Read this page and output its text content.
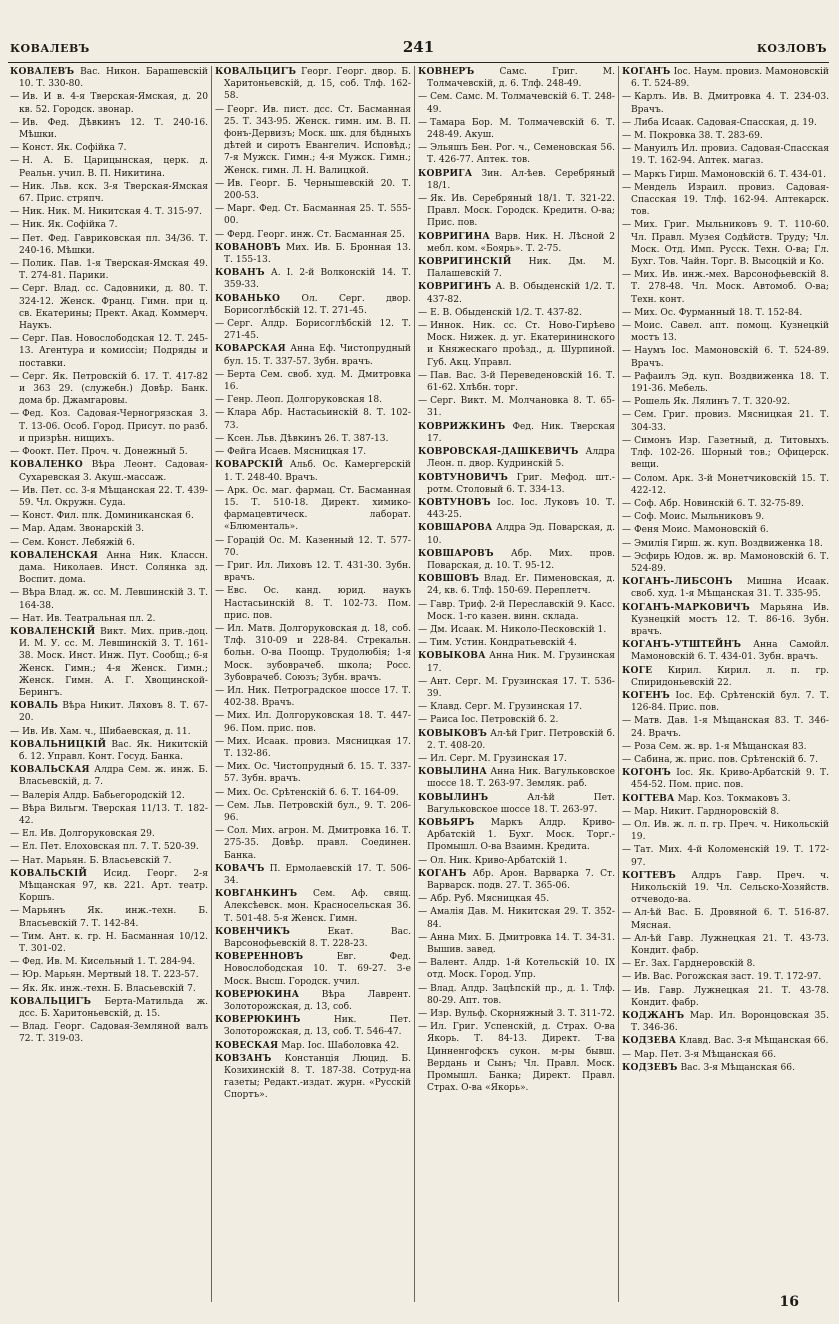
КОВАЛЕВЪ	241	КОЗЛОВЪ
КОВАЛЕВЪ Вас. Никон. Барашевскiй 10. Т. 330-80.
— Ив. И в. 4-я Тверская-Ямская, д. 20 кв. 52. Городск. звонар.
— Ив. Фед. Дѣвкинъ 12. Т. 240-16. Мѣшки.
— Конст. Як. Софiйка 7.
— Н. А. Б. Царицынская, церк. д. Реальн. учил. В. П. Никитина.
— Ник. Льв. кск. 3-я Тверская-Ямская 67. Прис. стряпч.
— Ник. Ник. М. Никитская 4. Т. 315-97.
— Ник. Як. Софiйка 7.
— Пет. Фед. Гавриковская пл. 34/36. Т. 240-16. Мѣшки.
— Полик. Пав. 1-я Тверская-Ямская 49. Т. 274-81. Парики.
— Серг. Влад. сс. Садовники, д. 80. Т. 324-12. Женск. Франц. Гимн. при ц. св. Екатерины; Прект. Акад. Коммерч. Наукъ.
— Серг. Пав. Новослободская 12. Т. 245-13. Агентура и комиссiи; Подряды и поставки.
— Серг. Як. Петровскiй б. 17. Т. 417-82 и 363 29. (служебн.) Довѣр. Банк. дома бр. Джамгаровы.
— Фед. Коз. Садовая-Черногрязская 3. Т. 13-06. Особ. Город. Присут. по разб. и призрѣн. нищихъ.
— Фоокт. Пет. Проч. ч. Донежный 5.
КОВАЛЕНКО Вѣра Леонт. Садовая-Сухаревская 3. Акуш.-массаж.
— Ив. Пет. сс. 3-я Мѣщанская 22. Т. 439-59. Чл. Окружн. Суда.
— Конст. Фил. плк. Доминиканская 6.
— Мар. Адам. Звонарскiй 3.
— Сем. Конст. Лебяжiй 6.
КОВАЛЕНСКАЯ Анна Ник. Классн. дама. Николаев. Инст. Солянка зд. Воспит. дома.
— Вѣра Влад. ж. сс. М. Левшинскiй 3. Т. 164-38.
— Нат. Ив. Театральная пл. 2.
КОВАЛЕНСКIЙ Викт. Мих. прив.-доц. И. М. У. сс. М. Левшинскiй 3. Т. 161-38. Моск. Инст. Инж. Пут. Сообщ.; 6-я Женск. Гимн.; 4-я Женск. Гимн.; Женск. Гимн. А. Г. Хвощинской-Берингъ.
КОВАЛЬ Вѣра Никит. Ляховъ 8. Т. 67-20.
— Ив. Ив. Хам. ч., Шибаевская, д. 11.
КОВАЛЬНИЦКIЙ Вас. Як. Никитскiй б. 12. Управл. Конт. Госуд. Банка.
КОВАЛЬСКАЯ Алдра Сем. ж. инж. Б. Власьевскiй, д. 7.
— Валерiя Алдр. Бабьегородскiй 12.
— Вѣра Вильгм. Тверская 11/13. Т. 182-42.
— Ел. Ив. Долгоруковская 29.
— Ел. Пет. Елоховская пл. 7. Т. 520-39.
— Нат. Марьян. Б. Власьевскiй 7.
КОВАЛЬСКIЙ Исид. Георг. 2-я Мѣщанская 97, кв. 221. Арт. театр. Коршъ.
— Марьянъ Як. инж.-техн. Б. Власьевскiй 7. Т. 142-84.
— Тим. Ант. к. гр. Н. Басманная 10/12. Т. 301-02.
— Фед. Ив. М. Кисельный 1. Т. 284-94.
— Юр. Марьян. Мертвый 18. Т. 223-57.
— Як. Як. инж.-техн. Б. Власьевскiй 7.
КОВАЛЬЦИГЪ Берта-Матильда ж. дсс. Б. Харитоньевскiй, д. 15.
— Влад. Георг. Садовая-Земляной валъ 72. Т. 319-03.
КОВАЛЬЦИГЪ Георг. Георг. двор. Б. Харитоньевскiй, д. 15, соб. Тлф. 162-58.
— Георг. Ив. пист. дсс. Ст. Басманная 25. Т. 343-95. Женск. гимн. им. В. П. фонъ-Дервизъ; Моск. шк. для бѣдныхъ дѣтей и сиротъ Евангелич. Исповѣд.; 7-я Мужск. Гимн.; 4-я Мужск. Гимн.; Женск. гимн. Л. Н. Валицкой.
— Ив. Георг. Б. Чернышевскiй 20. Т. 200-53.
— Марг. Фед. Ст. Басманная 25. Т. 555-00.
— Ферд. Георг. инж. Ст. Басманная 25.
КОВАНОВЪ Мих. Ив. Б. Бронная 13. Т. 155-13.
КОВАНЪ А. I. 2-й Волконскiй 14. Т. 359-33.
КОВАНЬКО Ол. Серг. двор. Борисоглѣбскiй 12. Т. 271-45.
— Серг. Алдр. Борисоглѣбскiй 12. Т. 271-45.
КОВАРСКАЯ Анна Еф. Чистопрудный бул. 15. Т. 337-57. Зубн. врачъ.
— Берта Сем. своб. худ. М. Дмитровка 16.
— Генр. Леоп. Долгоруковская 18.
— Клара Абр. Настасьинскiй 8. Т. 102-73.
— Ксен. Льв. Дѣвкинъ 26. Т. 387-13.
— Фейга Исаев. Мясницкая 17.
КОВАРСКIЙ Альб. Ос. Камергерскiй 1. Т. 248-40. Врачъ.
— Арк. Ос. маг. фармац. Ст. Басманная 15. Т. 510-18. Директ. химико-фармацевтическ. лаборат. «Блюменталь».
— Горацiй Ос. М. Казенный 12. Т. 577-70.
— Григ. Ил. Лиховъ 12. Т. 431-30. Зубн. врачъ.
— Евс. Ос. канд. юрид. наукъ Настасьинскiй 8. Т. 102-73. Пом. прис. пов.
— Ил. Матв. Долгоруковская д. 18, соб. Тлф. 310-09 и 228-84. Стрекальн. больн. О-ва Поощр. Трудолюбiя; 1-я Моск. зубоврачеб. школа; Росс. Зубоврачеб. Союзъ; Зубн. врачъ.
— Ил. Ник. Петроградское шоссе 17. Т. 402-38. Врачъ.
— Мих. Ил. Долгоруковская 18. Т. 447-96. Пом. прис. пов.
— Мих. Исаак. провиз. Мясницкая 17. Т. 132-86.
— Мих. Ос. Чистопрудный б. 15. Т. 337-57. Зубн. врачъ.
— Мих. Ос. Срѣтенскiй б. 6. Т. 164-09.
— Сем. Льв. Петровскiй бул., 9. Т. 206-96.
— Сол. Мих. агрон. М. Дмитровка 16. Т. 275-35. Довѣр. правл. Соединен. Банка.
КОВАЧЪ П. Ермолаевскiй 17. Т. 506-34.
КОВГАНКИНЪ Сем. Аф. свящ. Алексѣевск. мон. Красносельская 36. Т. 501-48. 5-я Женск. Гимн.
КОВЕНЧИКЪ	Екат. Вас. Варсонофьевскiй 8. Т. 228-23.
КОВЕРЕННОВЪ	Евг. Фед. Новослободская 10. Т. 69-27. 3-е Моск. Высш. Городск. учил.
КОВЕРЮКИНА Вѣра Лаврент. Золоторожская, д. 13, соб.
КОВЕРЮКИНЪ	Ник. Пет. Золоторожская, д. 13, соб. Т. 546-47.
КОВЕСКАЯ Мар. Iос. Шаболовка 42.
КОВЗАНЪ Констанцiя Люцид. Б. Козихинскiй 8. Т. 187-38. Сотруд-на газеты; Редакт.-издат. журн. «Русскiй Спортъ».
КОВНЕРЪ	Самс. Григ. М. Толмачевскiй, д. 6. Тлф. 248-49.
— Сем. Самс. М. Толмачевскiй 6. Т. 248-49.
— Тамара Бор. М. Толмачевскiй 6. Т. 248-49. Акуш.
— Эльяшъ Бен. Рог. ч., Семеновская 56. Т. 426-77. Аптек. тов.
КОВРИГА Зин. Ал-ѣев. Серебряный 18/1.
— Як. Ив. Серебряный 18/1. Т. 321-22. Правл. Моск. Городск. Кредитн. О-ва; Прис. пов.
КОВРИГИНА Варв. Ник. Н. Лѣсной 2 мебл. ком. «Боярь». Т. 2-75.
КОВРИГИНСКIЙ Ник. Дм. М. Палашевскiй 7.
КОВРИГИНЪ А. В. Обыденскiй 1/2. Т. 437-82.
— Е. В. Обыденскiй 1/2. Т. 437-82.
— Иннок. Ник. сс. Ст. Ново-Гирѣево Моск. Нижек. д. уг. Екатерининского и Княжескаго проѣзд., д. Шурпиной. Губ. Акц. Управл.
— Пав. Вас. 3-й Переведеновскiй 16. Т. 61-62. Хлѣбн. торг.
— Серг. Викт. М. Молчановка 8. Т. 65-31.
КОВРИЖКИНЪ Фед. Ник. Тверская 17.
КОВРОВСКАЯ-ДАШКЕВИЧЪ Алдра Леон. п. двор. Кудринскiй 5.
КОВТУНОВИЧЪ Григ. Мефод. шт.-ротм. Столовый 6. Т. 334-13.
КОВТУНОВЪ Iос. Iос. Луковъ 10. Т. 443-25.
КОВШАРОВА Алдра Эд. Поварская, д. 10.
КОВШАРОВЪ Абр. Мих. пров. Поварская, д. 10. Т. 95-12.
КОВШОВЪ Влад. Ег. Пименовская, д. 24, кв. 6. Тлф. 150-69. Переплетч.
— Гавр. Триф. 2-й Переславскiй 9. Касс. Моск. 1-го казен. винн. склада.
— Дм. Исаак. М. Николо-Песковскiй 1.
— Тим. Устин. Кондратьевскiй 4.
КОВЫКОВА Анна Ник. М. Грузинская 17.
— Ант. Серг. М. Грузинская 17. Т. 536-39.
— Клавд. Серг. М. Грузинская 17.
— Раиса Iос. Петровскiй б. 2.
КОВЫКОВЪ Ал-ѣй Григ. Петровскiй б. 2. Т. 408-20.
— Ил. Серг. М. Грузинская 17.
КОВЫЛИНА Анна Ник. Вагульковское шоссе 18. Т. 263-97. Земляк. раб.
КОВЫЛИНЪ	Ал-ѣй Пет. Вагульковское шоссе 18. Т. 263-97.
КОВЬЯРЪ Маркъ Алдр. Криво-Арбатскiй 1. Бухг. Моск. Торг.-Промышл. О-ва Взаимн. Кредита.
— Ол. Ник. Криво-Арбатскiй 1.
КОГАНЪ Абр. Арон. Варварка 7. Ст. Варварск. подв. 27. Т. 365-06.
— Абр. Руб. Мясницкая 45.
— Амалiя Дав. М. Никитская 29. Т. 352-84.
— Анна Мих. Б. Дмитровка 14. Т. 34-31. Вышив. завед.
— Валент. Алдр. 1-й Котельскiй 10. IX отд. Моск. Город. Упр.
— Влад. Алдр. Зацѣпскiй пр., д. 1. Тлф. 80-29. Апт. тов.
— Изр. Вульф. Скорняжный 3. Т. 311-72.
— Ил. Григ. Успенскiй, д. Страх. О-ва Якорь. Т. 84-13. Директ. Т-ва Цинненгофскъ сукон. м-ры бывш. Вердань и Сынъ; Чл. Правл. Моск. Промышл. Банка; Директ. Правл. Страх. О-ва «Якорь».
КОГАНЪ Iос. Наум. провиз. Мамоновскiй 6. Т. 524-89.
— Карлъ. Ив. В. Дмитровка 4. Т. 234-03. Врачъ.
— Либа Исаак. Садовая-Спасская, д. 19.
— М. Покровка 38. Т. 283-69.
— Мануилъ Ил. провиз. Садовая-Спасская 19. Т. 162-94. Аптек. магаз.
— Маркъ Гирш. Мамоновскiй 6. Т. 434-01.
— Мендель Израил. провиз. Садовая-Спасская 19. Тлф. 162-94. Аптекарск. тов.
— Мих. Григ. Мыльниковъ 9. Т. 110-60. Чл. Правл. Музея Содѣйств. Труду; Чл. Моск. Отд. Имп. Русск. Техн. О-ва; Гл. Бухг. Тов. Чайн. Торг. В. Высоцкiй и Ко.
— Мих. Ив. инж.-мех. Варсонофьевскiй 8. Т. 278-48. Чл. Моск. Автомоб. О-ва; Техн. конт.
— Мих. Ос. Фурманный 18. Т. 152-84.
— Моис. Савел. апт. помощ. Кузнецкiй мостъ 13.
— Наумъ Iос. Мамоновскiй 6. Т. 524-89. Врачъ.
— Рафаилъ Эд. куп. Воздвиженка 18. Т. 191-36. Мебель.
— Рошель Як. Лялинъ 7. Т. 320-92.
— Сем. Григ. провиз. Мясницкая 21. Т. 304-33.
— Симонъ Изр. Газетный, д. Титовыхъ. Тлф. 102-26. Шорный тов.; Офицерск. вещи.
— Солом. Арк. 3-й Монетчиковскiй 15. Т. 422-12.
— Соф. Абр. Новинскiй 6. Т. 32-75-89.
— Соф. Моис. Мыльниковъ 9.
— Феня Моис. Мамоновскiй 6.
— Эмилiя Гирш. ж. куп. Воздвиженка 18.
— Эсфирь Юдов. ж. вр. Мамоновскiй 6. Т. 524-89.
КОГАНЪ-ЛИБСОНЪ Мишна Исаак. своб. худ. 1-я Мѣщанская 31. Т. 335-95.
КОГАНЪ-МАРКОВИЧЪ Марьяна Ив. Кузнецкiй мостъ 12. Т. 86-16. Зубн. врачъ.
КОГАНЪ-УТШТЕЙНЪ Анна Самойл. Мамоновскiй 6. Т. 434-01. Зубн. врачъ.
КОГЕ Кирил. Кирил. л. п. гр. Спиридоньевскiй 22.
КОГЕНЪ Iос. Еф. Срѣтенскiй бул. 7. Т. 126-84. Прис. пов.
— Матв. Дав. 1-я Мѣщанская 83. Т. 346-24. Врачъ.
— Роза Сем. ж. вр. 1-я Мѣщанская 83.
— Сабина, ж. прис. пов. Срѣтенскiй б. 7.
КОГОНЪ Iос. Як. Криво-Арбатскiй 9. Т. 454-52. Пом. прис. пов.
КОГТЕВА Мар. Коз. Токмаковъ 3.
— Мар. Никит. Гардноровскiй 8.
— Ол. Ив. ж. л. п. гр. Преч. ч. Никольскiй 19.
— Тат. Мих. 4-й Коломенскiй 19. Т. 172-97.
КОГТЕВЪ Алдръ Гавр. Преч. ч. Никольскiй 19. Чл. Сельско-Хозяйств. отчеводо-ва.
— Ал-ѣй Вас. Б. Дровяной 6. Т. 516-87. Мясная.
— Ал-ѣй Гавр. Лужнецкая 21. Т. 43-73. Кондит. фабр.
— Ег. Зах. Гарднеровскiй 8.
— Ив. Вас. Рогожская заст. 19. Т. 172-97.
— Ив. Гавр. Лужнецкая 21. Т. 43-78. Кондит. фабр.
КОДЖАНЪ Мар. Ил. Воронцовская 35. Т. 346-36.
КОДЗЕВА Клавд. Вас. 3-я Мѣщанская 66.
— Мар. Пет. 3-я Мѣщанская 66.
КОДЗЕВЪ Вас. 3-я Мѣщанская 66.
16
